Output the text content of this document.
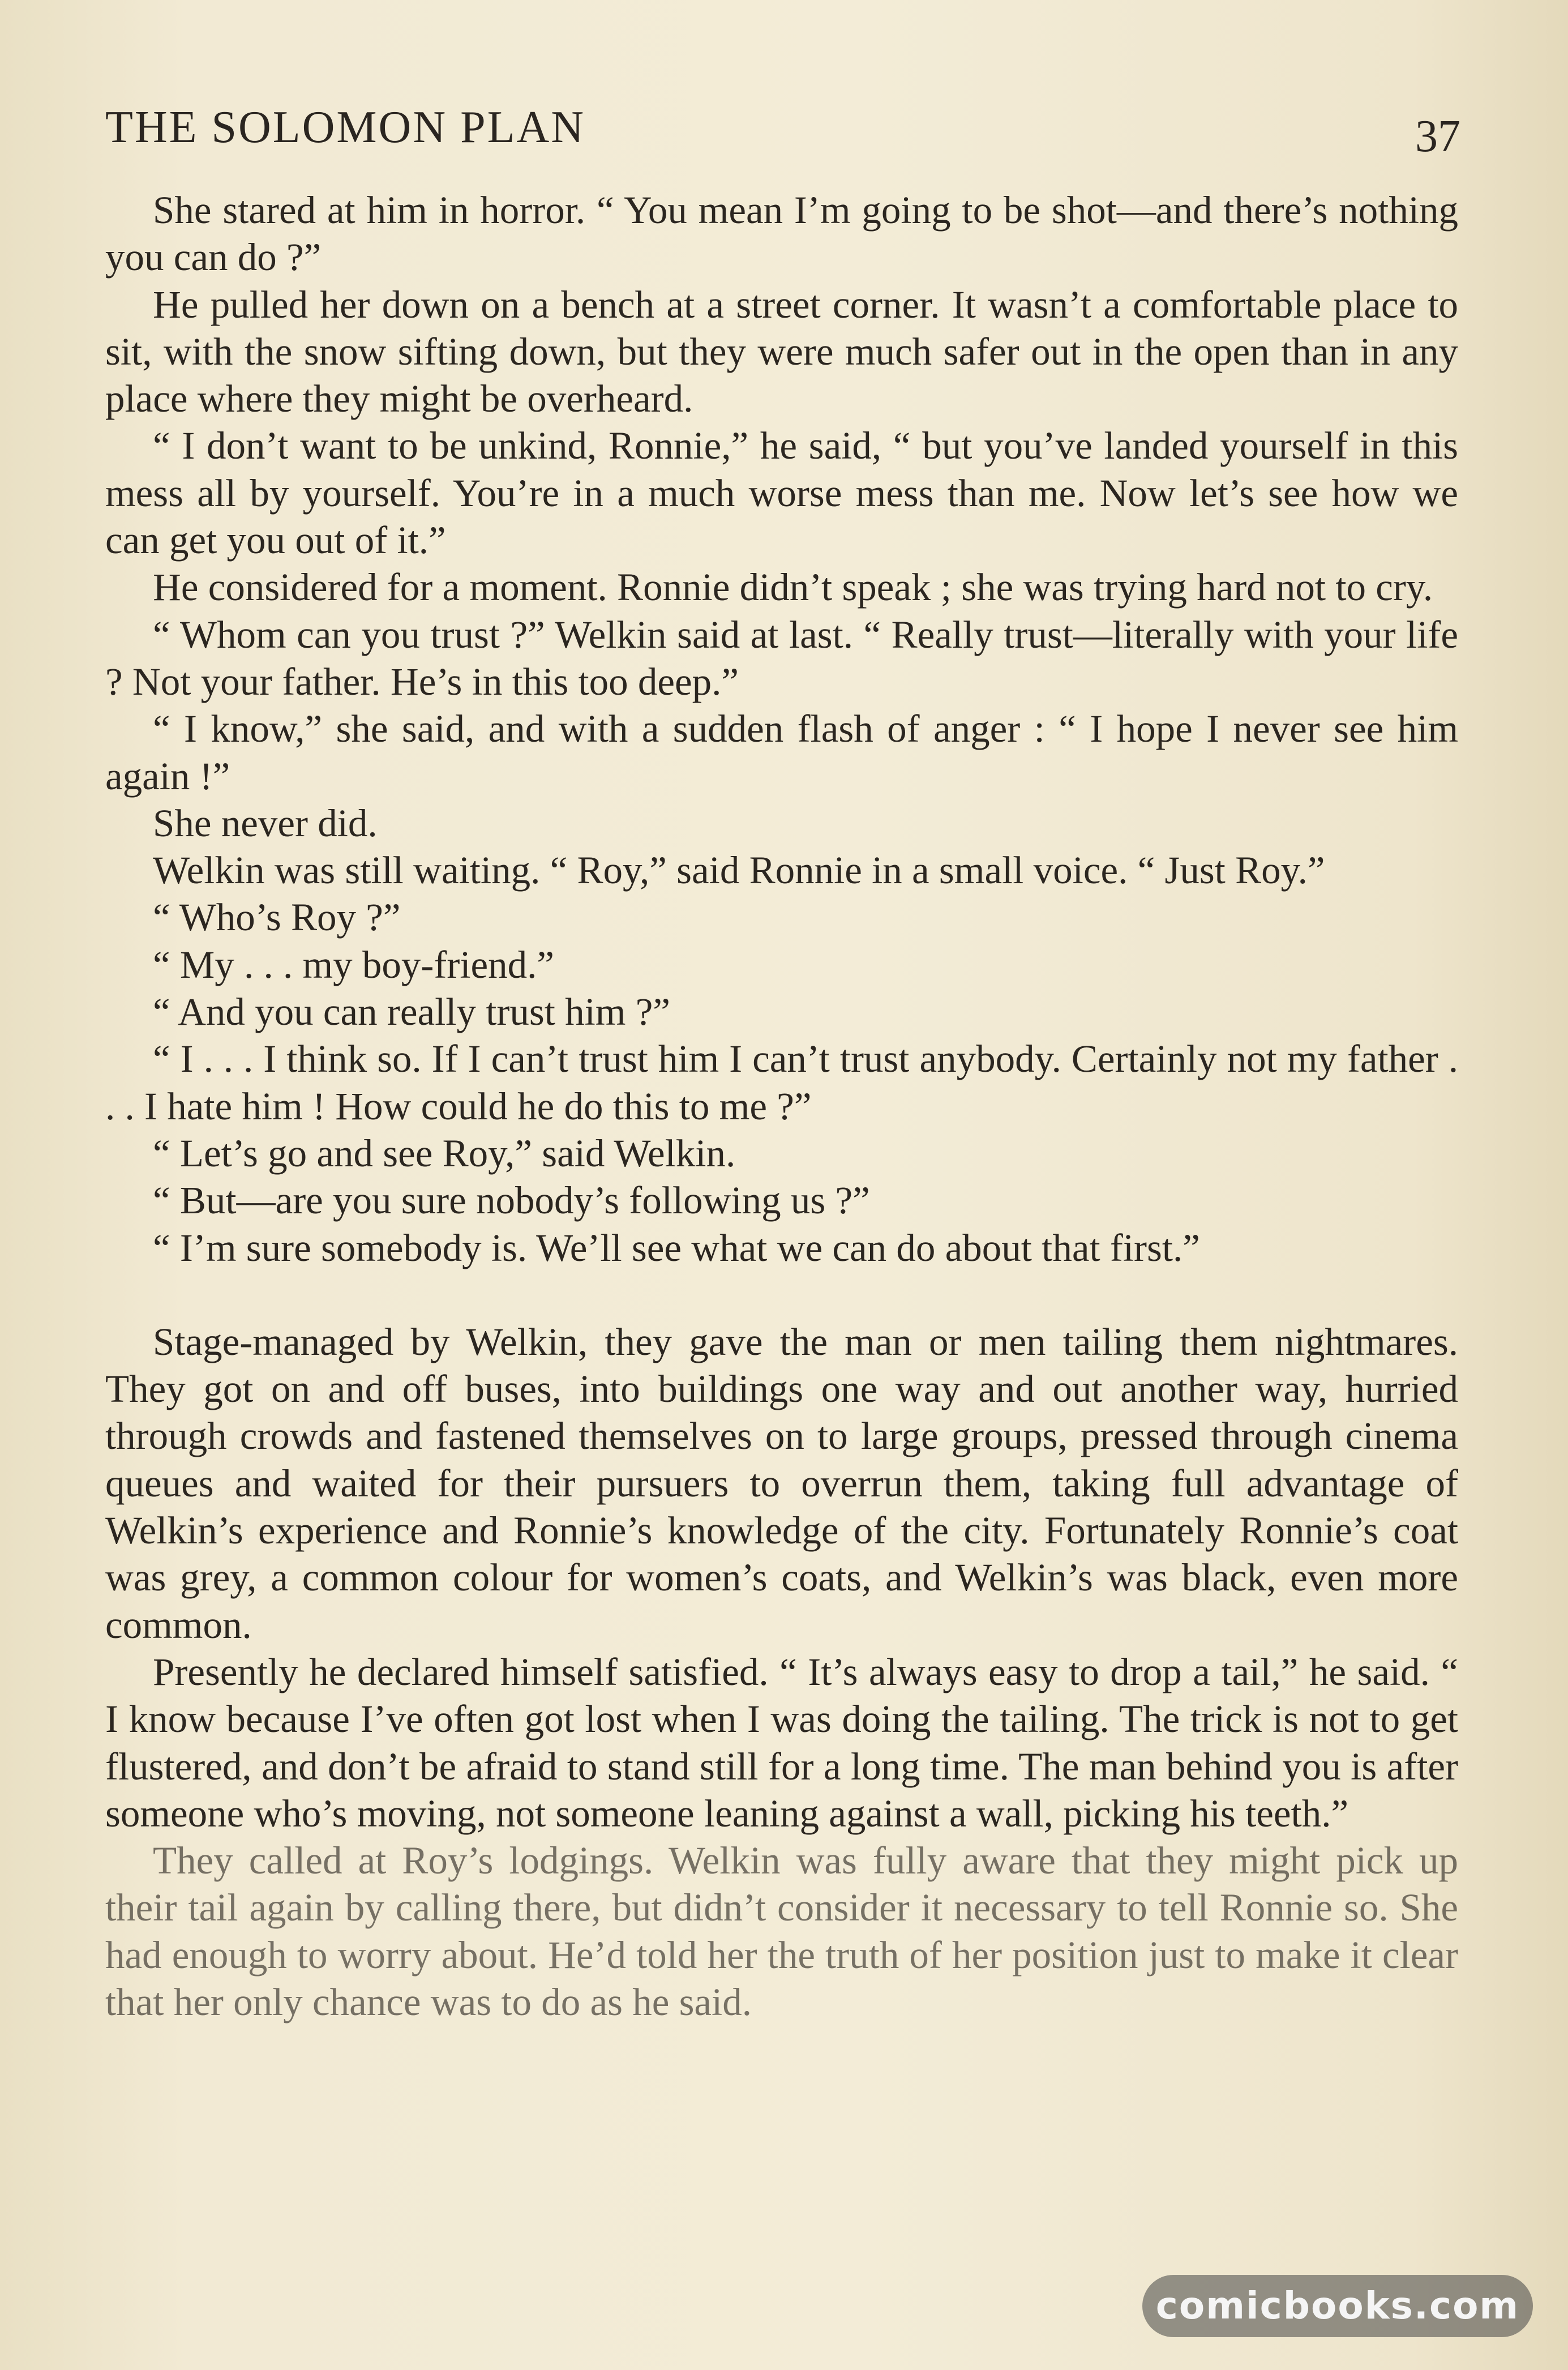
THE SOLOMON PLAN	37

She stared at him in horror. “ You mean I’m going to be shot—and there’s nothing you can do ?”

He pulled her down on a bench at a street corner. It wasn’t a comfortable place to sit, with the snow sifting down, but they were much safer out in the open than in any place where they might be overheard.

“ I don’t want to be unkind, Ronnie,” he said, “ but you’ve landed yourself in this mess all by yourself. You’re in a much worse mess than me. Now let’s see how we can get you out of it.”

He considered for a moment. Ronnie didn’t speak ; she was trying hard not to cry.

“ Whom can you trust ?” Welkin said at last. “ Really trust—literally with your life ? Not your father. He’s in this too deep.”

“ I know,” she said, and with a sudden flash of anger : “ I hope I never see him again !”

She never did.

Welkin was still waiting. “ Roy,” said Ronnie in a small voice. “ Just Roy.”

“ Who’s Roy ?”

“ My . . . my boy-friend.”

“ And you can really trust him ?”

“ I . . . I think so. If I can’t trust him I can’t trust anybody. Certainly not my father . . . I hate him ! How could he do this to me ?”

“ Let’s go and see Roy,” said Welkin.

“ But—are you sure nobody’s following us ?”

“ I’m sure somebody is. We’ll see what we can do about that first.”

Stage-managed by Welkin, they gave the man or men tailing them nightmares. They got on and off buses, into buildings one way and out another way, hurried through crowds and fastened themselves on to large groups, pressed through cinema queues and waited for their pursuers to overrun them, taking full advantage of Welkin’s experience and Ronnie’s knowledge of the city. Fortunately Ronnie’s coat was grey, a common colour for women’s coats, and Welkin’s was black, even more common.

Presently he declared himself satisfied. “ It’s always easy to drop a tail,” he said. “ I know because I’ve often got lost when I was doing the tailing. The trick is not to get flustered, and don’t be afraid to stand still for a long time. The man behind you is after someone who’s moving, not someone leaning against a wall, picking his teeth.”

They called at Roy’s lodgings. Welkin was fully aware that they might pick up their tail again by calling there, but didn’t consider it necessary to tell Ronnie so. She had enough to worry about. He’d told her the truth of her position just to make it clear that her only chance was to do as he said.

comicbooks.com
